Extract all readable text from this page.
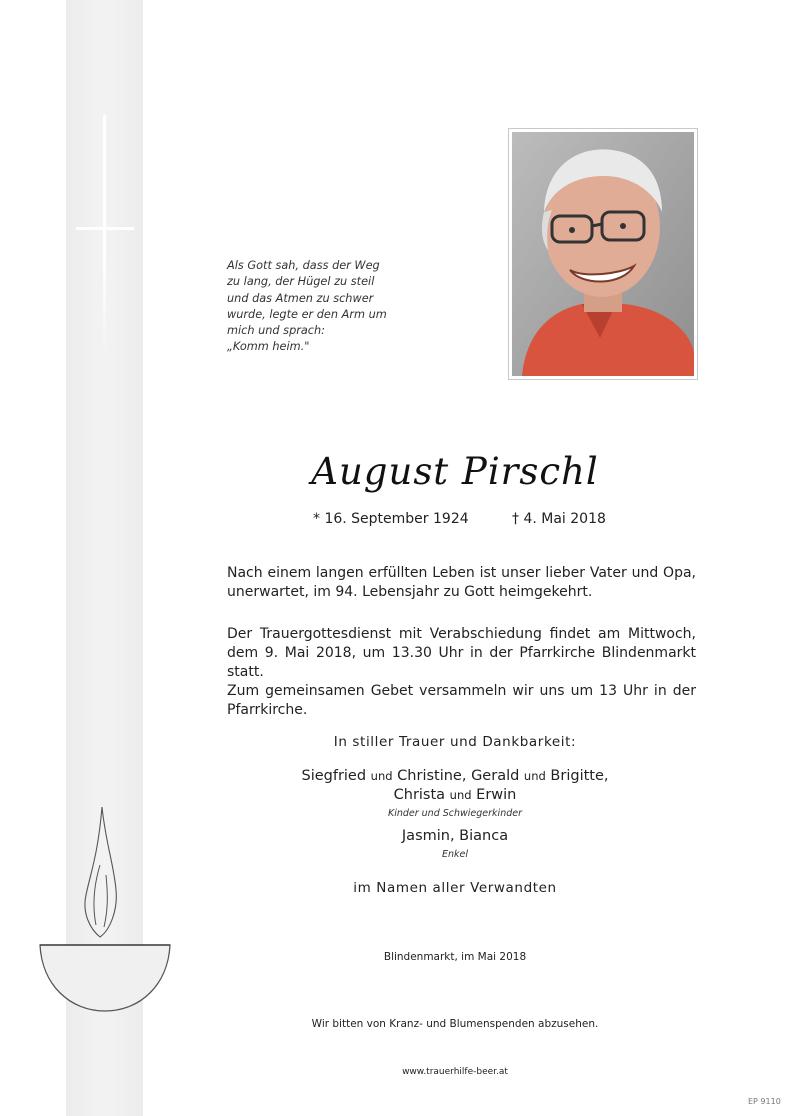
Als Gott sah, dass der Weg
zu lang, der Hügel zu steil
und das Atmen zu schwer
wurde, legte er den Arm um
mich und sprach:
„Komm heim."
August Pirschl
* 16. September 1924	† 4. Mai 2018
Nach einem langen erfüllten Leben ist unser lieber Vater und Opa,
unerwartet, im 94. Lebensjahr zu Gott heimgekehrt.
Der Trauergottesdienst mit Verabschiedung findet am Mittwoch,
dem 9. Mai 2018, um 13.30 Uhr in der Pfarrkirche Blindenmarkt statt.
Zum gemeinsamen Gebet versammeln wir uns um 13 Uhr in der
Pfarrkirche.
In stiller Trauer und Dankbarkeit:
Siegfried und Christine, Gerald und Brigitte,
Christa und Erwin
Kinder und Schwiegerkinder
Jasmin, Bianca
Enkel
im Namen aller Verwandten
Blindenmarkt, im Mai 2018
Wir bitten von Kranz- und Blumenspenden abzusehen.
www.trauerhilfe-beer.at
EP 9110
